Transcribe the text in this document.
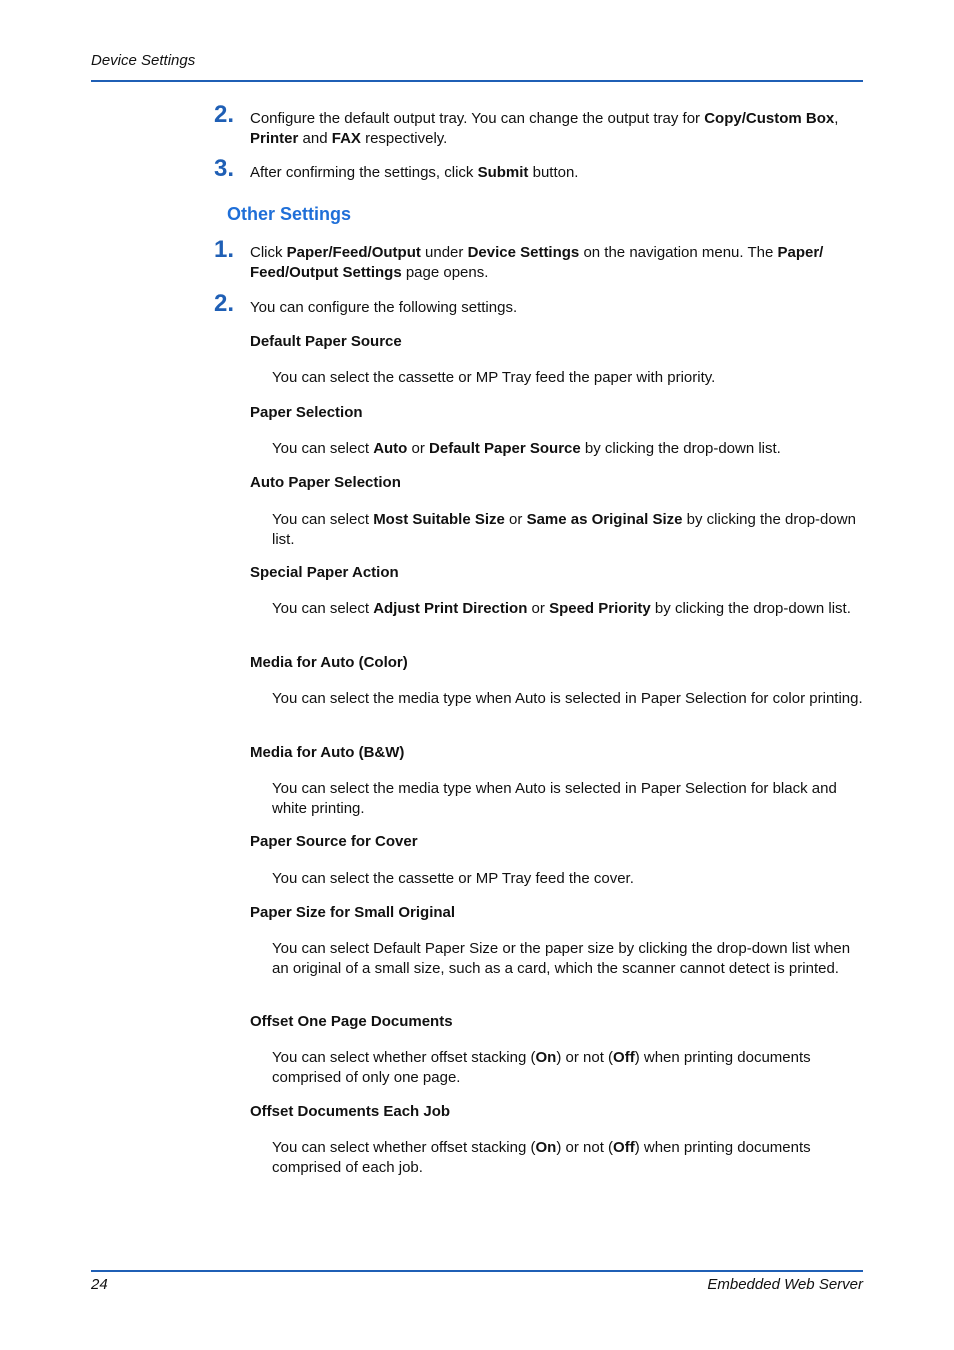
Device Settings
2. Configure the default output tray. You can change the output tray for Copy/Custom Box, Printer and FAX respectively.
3. After confirming the settings, click Submit button.
Other Settings
1. Click Paper/Feed/Output under Device Settings on the navigation menu. The Paper/ Feed/Output Settings page opens.
2. You can configure the following settings.
Default Paper Source
You can select the cassette or MP Tray feed the paper with priority.
Paper Selection
You can select Auto or Default Paper Source by clicking the drop-down list.
Auto Paper Selection
You can select Most Suitable Size or Same as Original Size by clicking the drop-down list.
Special Paper Action
You can select Adjust Print Direction or Speed Priority by clicking the drop-down list.
Media for Auto (Color)
You can select the media type when Auto is selected in Paper Selection for color printing.
Media for Auto (B&W)
You can select the media type when Auto is selected in Paper Selection for black and white printing.
Paper Source for Cover
You can select the cassette or MP Tray feed the cover.
Paper Size for Small Original
You can select Default Paper Size or the paper size by clicking the drop-down list when an original of a small size, such as a card, which the scanner cannot detect is printed.
Offset One Page Documents
You can select whether offset stacking (On) or not (Off) when printing documents comprised of only one page.
Offset Documents Each Job
You can select whether offset stacking (On) or not (Off) when printing documents comprised of each job.
24	Embedded Web Server
